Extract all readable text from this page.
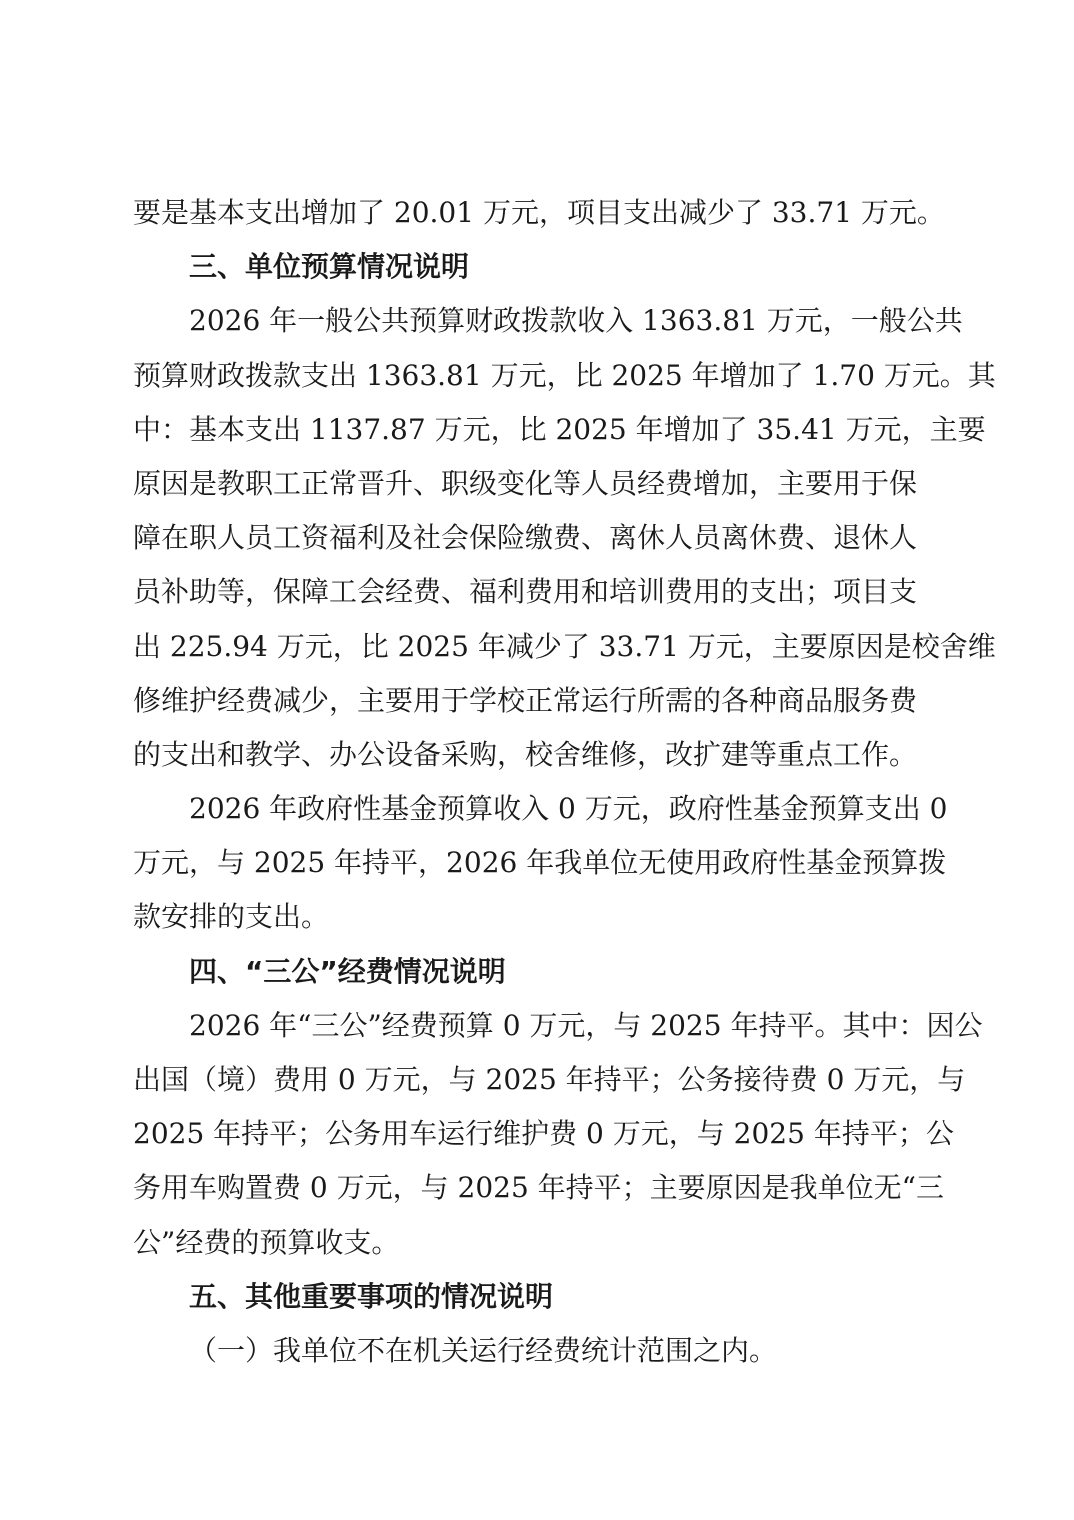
要是基本支出增加了 20.01 万元，项目支出减少了 33.71 万元。
三、单位预算情况说明
2026 年一般公共预算财政拨款收入 1363.81 万元，一般公共
预算财政拨款支出 1363.81 万元，比 2025 年增加了 1.70 万元。其
中：基本支出 1137.87 万元，比 2025 年增加了 35.41 万元，主要
原因是教职工正常晋升、职级变化等人员经费增加，主要用于保
障在职人员工资福利及社会保险缴费、离休人员离休费、退休人
员补助等，保障工会经费、福利费用和培训费用的支出；项目支
出 225.94 万元，比 2025 年减少了 33.71 万元，主要原因是校舍维
修维护经费减少，主要用于学校正常运行所需的各种商品服务费
的支出和教学、办公设备采购，校舍维修，改扩建等重点工作。
2026 年政府性基金预算收入 0 万元，政府性基金预算支出 0
万元，与 2025 年持平，2026 年我单位无使用政府性基金预算拨
款安排的支出。
四、“三公”经费情况说明
2026 年“三公”经费预算 0 万元，与 2025 年持平。其中：因公
出国（境）费用 0 万元，与 2025 年持平；公务接待费 0 万元，与
2025 年持平；公务用车运行维护费 0 万元，与 2025 年持平；公
务用车购置费 0 万元，与 2025 年持平；主要原因是我单位无“三
公”经费的预算收支。
五、其他重要事项的情况说明
（一）我单位不在机关运行经费统计范围之内。
